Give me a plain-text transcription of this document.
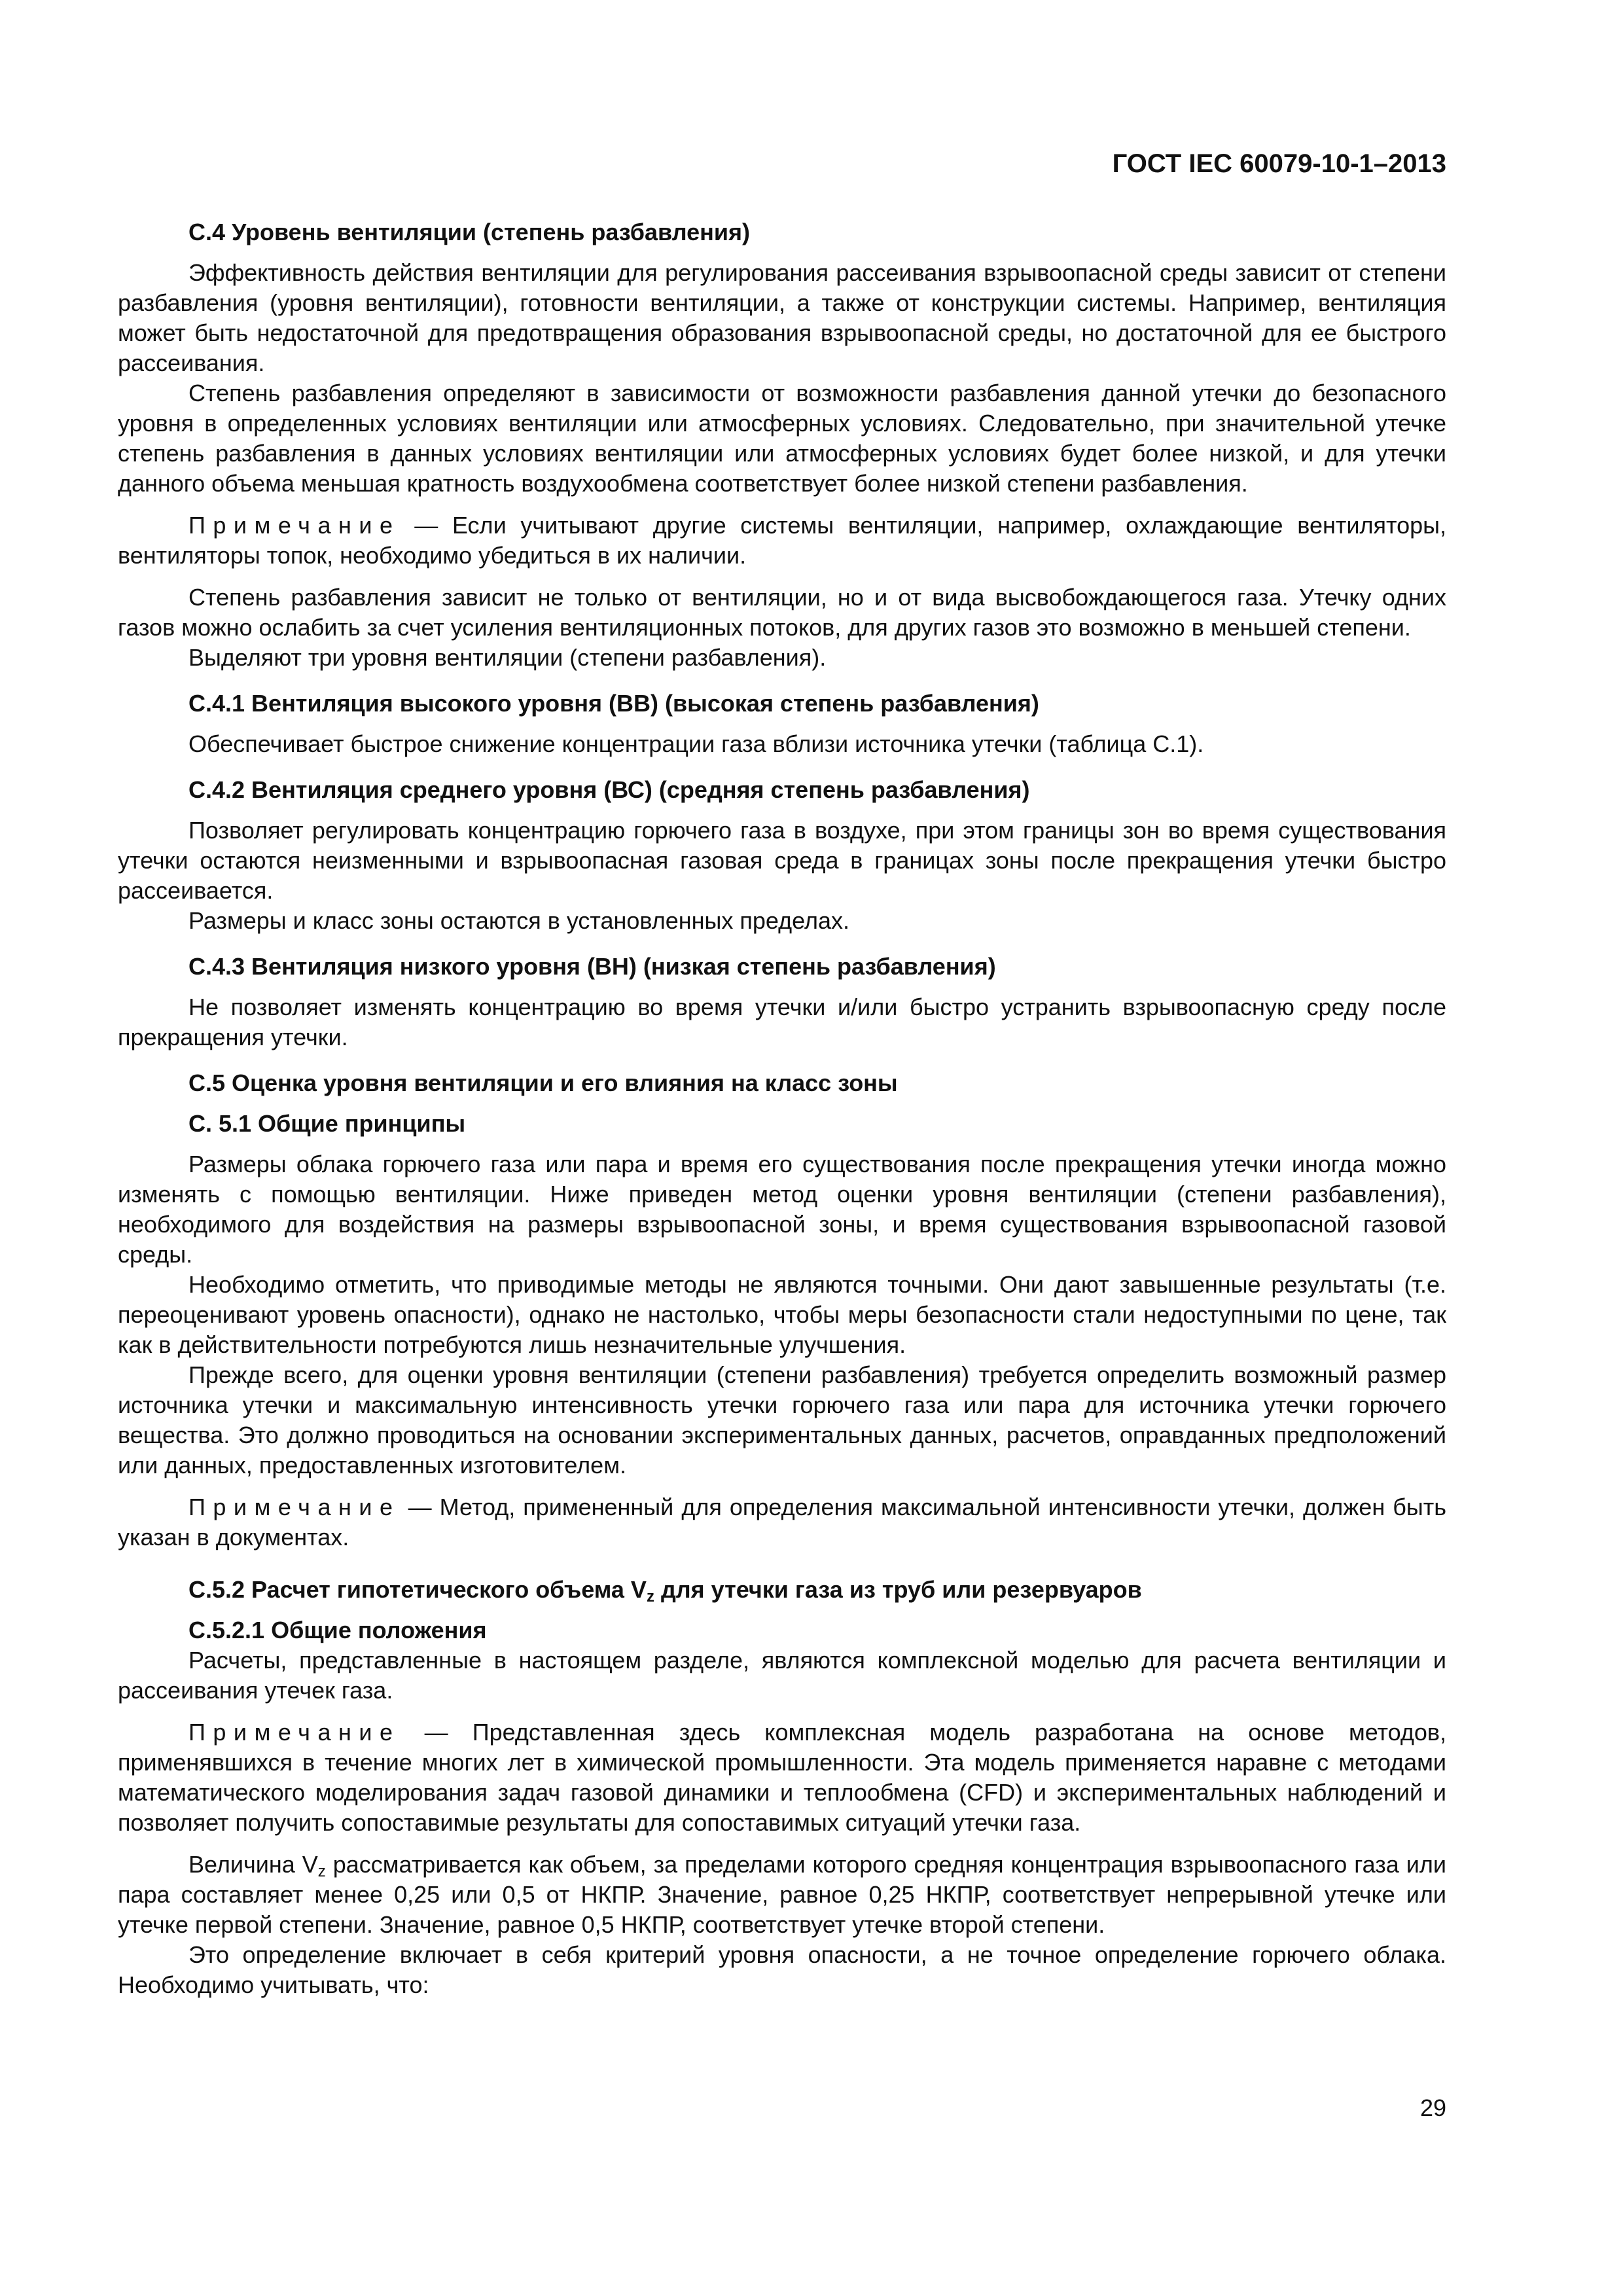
ГОСТ IEC 60079-10-1–2013
С.4 Уровень вентиляции (степень разбавления)

Эффективность действия вентиляции для регулирования рассеивания взрывоопасной среды зависит от степени разбавления (уровня вентиляции), готовности вентиляции, а также от конструкции системы. Например, вентиляция может быть недостаточной для предотвращения образования взрывоопасной среды, но достаточной для ее быстрого рассеивания.

Степень разбавления определяют в зависимости от возможности разбавления данной утечки до безопасного уровня в определенных условиях вентиляции или атмосферных условиях. Следовательно, при значительной утечке степень разбавления в данных условиях вентиляции или атмосферных условиях будет более низкой, и для утечки данного объема меньшая кратность воздухообмена соответствует более низкой степени разбавления.

Примечание — Если учитывают другие системы вентиляции, например, охлаждающие вентиляторы, вентиляторы топок, необходимо убедиться в их наличии.

Степень разбавления зависит не только от вентиляции, но и от вида высвобождающегося газа. Утечку одних газов можно ослабить за счет усиления вентиляционных потоков, для других газов это возможно в меньшей степени.

Выделяют три уровня вентиляции (степени разбавления).

С.4.1 Вентиляция высокого уровня (ВВ) (высокая степень разбавления)

Обеспечивает быстрое снижение концентрации газа вблизи источника утечки (таблица С.1).

С.4.2 Вентиляция среднего уровня (ВС) (средняя степень разбавления)

Позволяет регулировать концентрацию горючего газа в воздухе, при этом границы зон во время существования утечки остаются неизменными и взрывоопасная газовая среда в границах зоны после прекращения утечки быстро рассеивается.

Размеры и класс зоны остаются в установленных пределах.

С.4.3 Вентиляция низкого уровня (ВН) (низкая степень разбавления)

Не позволяет изменять концентрацию во время утечки и/или быстро устранить взрывоопасную среду после прекращения утечки.

С.5 Оценка уровня вентиляции и его влияния на класс зоны
С. 5.1 Общие принципы

Размеры облака горючего газа или пара и время его существования после прекращения утечки иногда можно изменять с помощью вентиляции. Ниже приведен метод оценки уровня вентиляции (степени разбавления), необходимого для воздействия на размеры взрывоопасной зоны, и время существования взрывоопасной газовой среды.

Необходимо отметить, что приводимые методы не являются точными. Они дают завышенные результаты (т.е. переоценивают уровень опасности), однако не настолько, чтобы меры безопасности стали недоступными по цене, так как в действительности потребуются лишь незначительные улучшения.

Прежде всего, для оценки уровня вентиляции (степени разбавления) требуется определить возможный размер источника утечки и максимальную интенсивность утечки горючего газа или пара для источника утечки горючего вещества. Это должно проводиться на основании экспериментальных данных, расчетов, оправданных предположений или данных, предоставленных изготовителем.

Примечание — Метод, примененный для определения максимальной интенсивности утечки, должен быть указан в документах.

С.5.2 Расчет гипотетического объема $V_z$ для утечки газа из труб или резервуаров
С.5.2.1 Общие положения

Расчеты, представленные в настоящем разделе, являются комплексной моделью для расчета вентиляции и рассеивания утечек газа.

Примечание — Представленная здесь комплексная модель разработана на основе методов, применявшихся в течение многих лет в химической промышленности. Эта модель применяется наравне с методами математического моделирования задач газовой динамики и теплообмена (CFD) и экспериментальных наблюдений и позволяет получить сопоставимые результаты для сопоставимых ситуаций утечки газа.

Величина $V_z$ рассматривается как объем, за пределами которого средняя концентрация взрывоопасного газа или пара составляет менее 0,25 или 0,5 от НКПР. Значение, равное 0,25 НКПР, соответствует непрерывной утечке или утечке первой степени. Значение, равное 0,5 НКПР, соответствует утечке второй степени.

Это определение включает в себя критерий уровня опасности, а не точное определение горючего облака. Необходимо учитывать, что:

29
